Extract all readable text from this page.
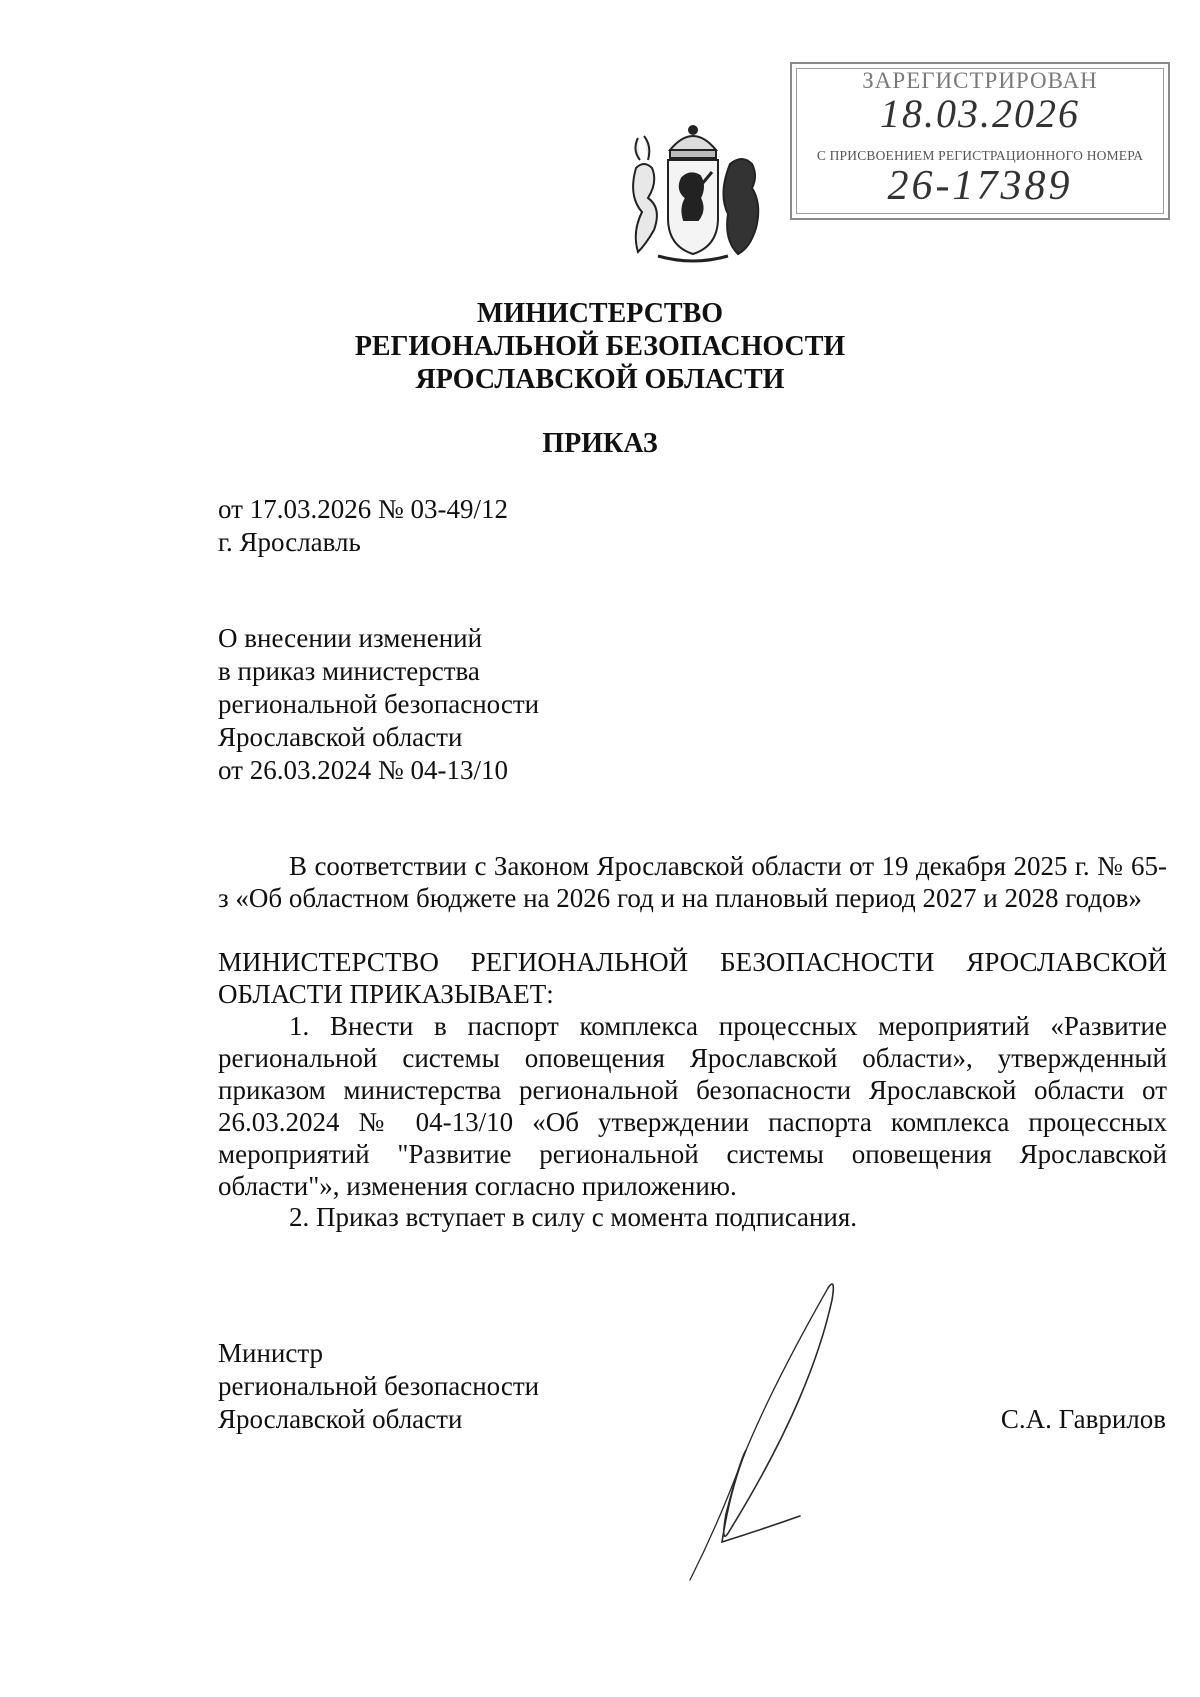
ЗАРЕГИСТРИРОВАН
18.03.2026
С ПРИСВОЕНИЕМ РЕГИСТРАЦИОННОГО НОМЕРА
26-17389
МИНИСТЕРСТВО
РЕГИОНАЛЬНОЙ БЕЗОПАСНОСТИ
ЯРОСЛАВСКОЙ ОБЛАСТИ
ПРИКАЗ
от 17.03.2026 № 03-49/12
г. Ярославль
О внесении изменений
в приказ министерства
региональной безопасности
Ярославской области
от 26.03.2024 № 04-13/10
В соответствии с Законом Ярославской области от 19 декабря 2025 г. № 65-з «Об областном бюджете на 2026 год и на плановый период 2027 и 2028 годов»
МИНИСТЕРСТВО РЕГИОНАЛЬНОЙ БЕЗОПАСНОСТИ ЯРОСЛАВСКОЙ ОБЛАСТИ ПРИКАЗЫВАЕТ:
1. Внести в паспорт комплекса процессных мероприятий «Развитие региональной системы оповещения Ярославской области», утвержденный приказом министерства региональной безопасности Ярославской области от 26.03.2024 № 04-13/10 «Об утверждении паспорта комплекса процессных мероприятий "Развитие региональной системы оповещения Ярославской области"», изменения согласно приложению.
2. Приказ вступает в силу с момента подписания.
Министр
региональной безопасности
Ярославской области	С.А. Гаврилов
